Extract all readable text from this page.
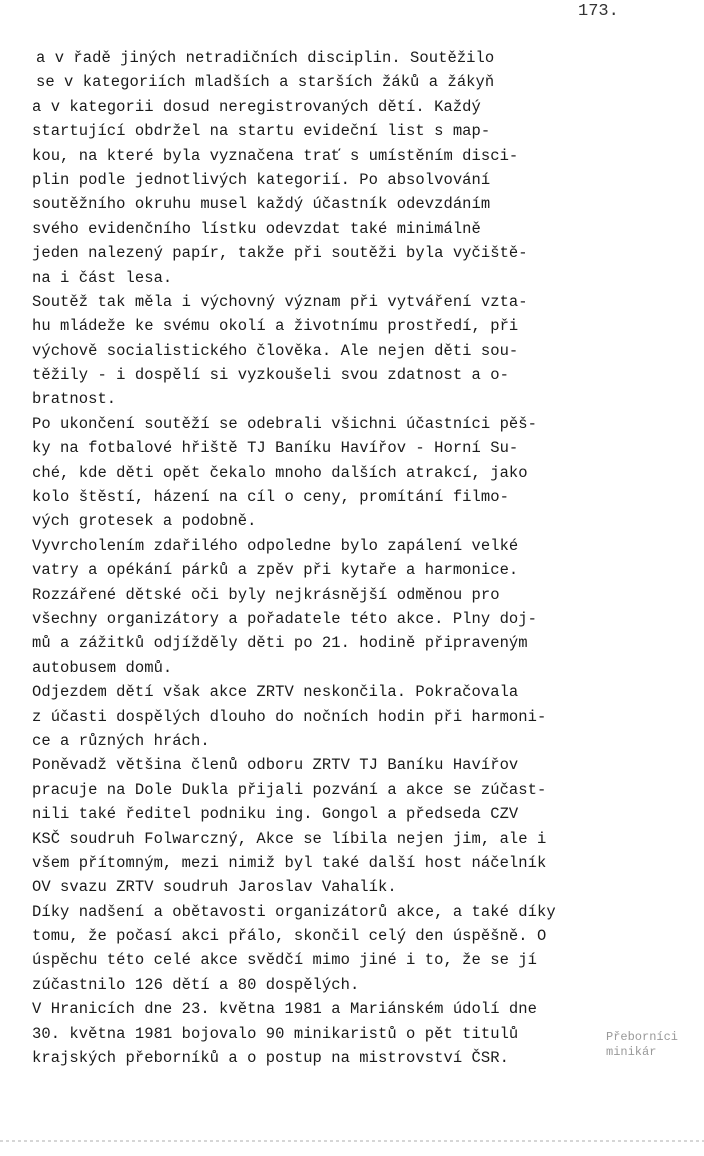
173.
a v řadě jiných netradičních disciplin. Soutěžilo
se v kategoriích mladších a starších žáků a žákyň
a v kategorii dosud neregistrovaných dětí. Každý
startující obdržel na startu evideční list s map-
kou, na které byla vyznačena trať s umístěním disci-
plin podle jednotlivých kategorií. Po absolvování
soutěžního okruhu musel každý účastník odevzdáním
svého evidenčního lístku odevzdat také minimálně
jeden nalezený papír, takže při soutěži byla vyčiště-
na i část lesa.
Soutěž tak měla i výchovný význam při vytváření vzta-
hu mládeže ke svému okolí a životnímu prostředí, při
výchově socialistického člověka. Ale nejen děti sou-
těžily - i dospělí si vyzkoušeli svou zdatnost a o-
bratnost.
Po ukončení soutěží se odebrali všichni účastníci pěš-
ky na fotbalové hřiště TJ Baníku Havířov - Horní Su-
ché, kde děti opět čekalo mnoho dalších atrakcí, jako
kolo štěstí, házení na cíl o ceny, promítání filmo-
vých grotesek a podobně.
Vyvrcholením zdařilého odpoledne bylo zapálení velké
vatry a opékání párků a zpěv při kytaře a harmonice.
Rozzářené dětské oči byly nejkrásnější odměnou pro
všechny organizátory a pořadatele této akce. Plny doj-
mů a zážitků odjížděly děti po 21. hodině připraveným
autobusem domů.
Odjezdem dětí však akce ZRTV neskončila. Pokračovala
z účasti dospělých dlouho do nočních hodin při harmoni-
ce a různých hrách.
Poněvadž většina členů odboru ZRTV TJ Baníku Havířov
pracuje na Dole Dukla přijali pozvání a akce se zúčast-
nili také ředitel podniku ing. Gongol a předseda CZV
KSČ soudruh Folwarczný, Akce se líbila nejen jim, ale i
všem přítomným, mezi nimiž byl také další host náčelník
OV svazu ZRTV soudruh Jaroslav Vahalík.
Díky nadšení a obětavosti organizátorů akce, a také díky
tomu, že počasí akci přálo, skončil celý den úspěšně. O
úspěchu této celé akce svědčí mimo jiné i to, že se jí
zúčastnilo 126 dětí a 80 dospělých.
V Hranicích dne 23. května 1981 a Mariánském údolí dne
30. května 1981 bojovalo 90 minikaristů o pět titulů
krajských přeborníků a o postup na mistrovství ČSR.
Přeborníci
minikár
